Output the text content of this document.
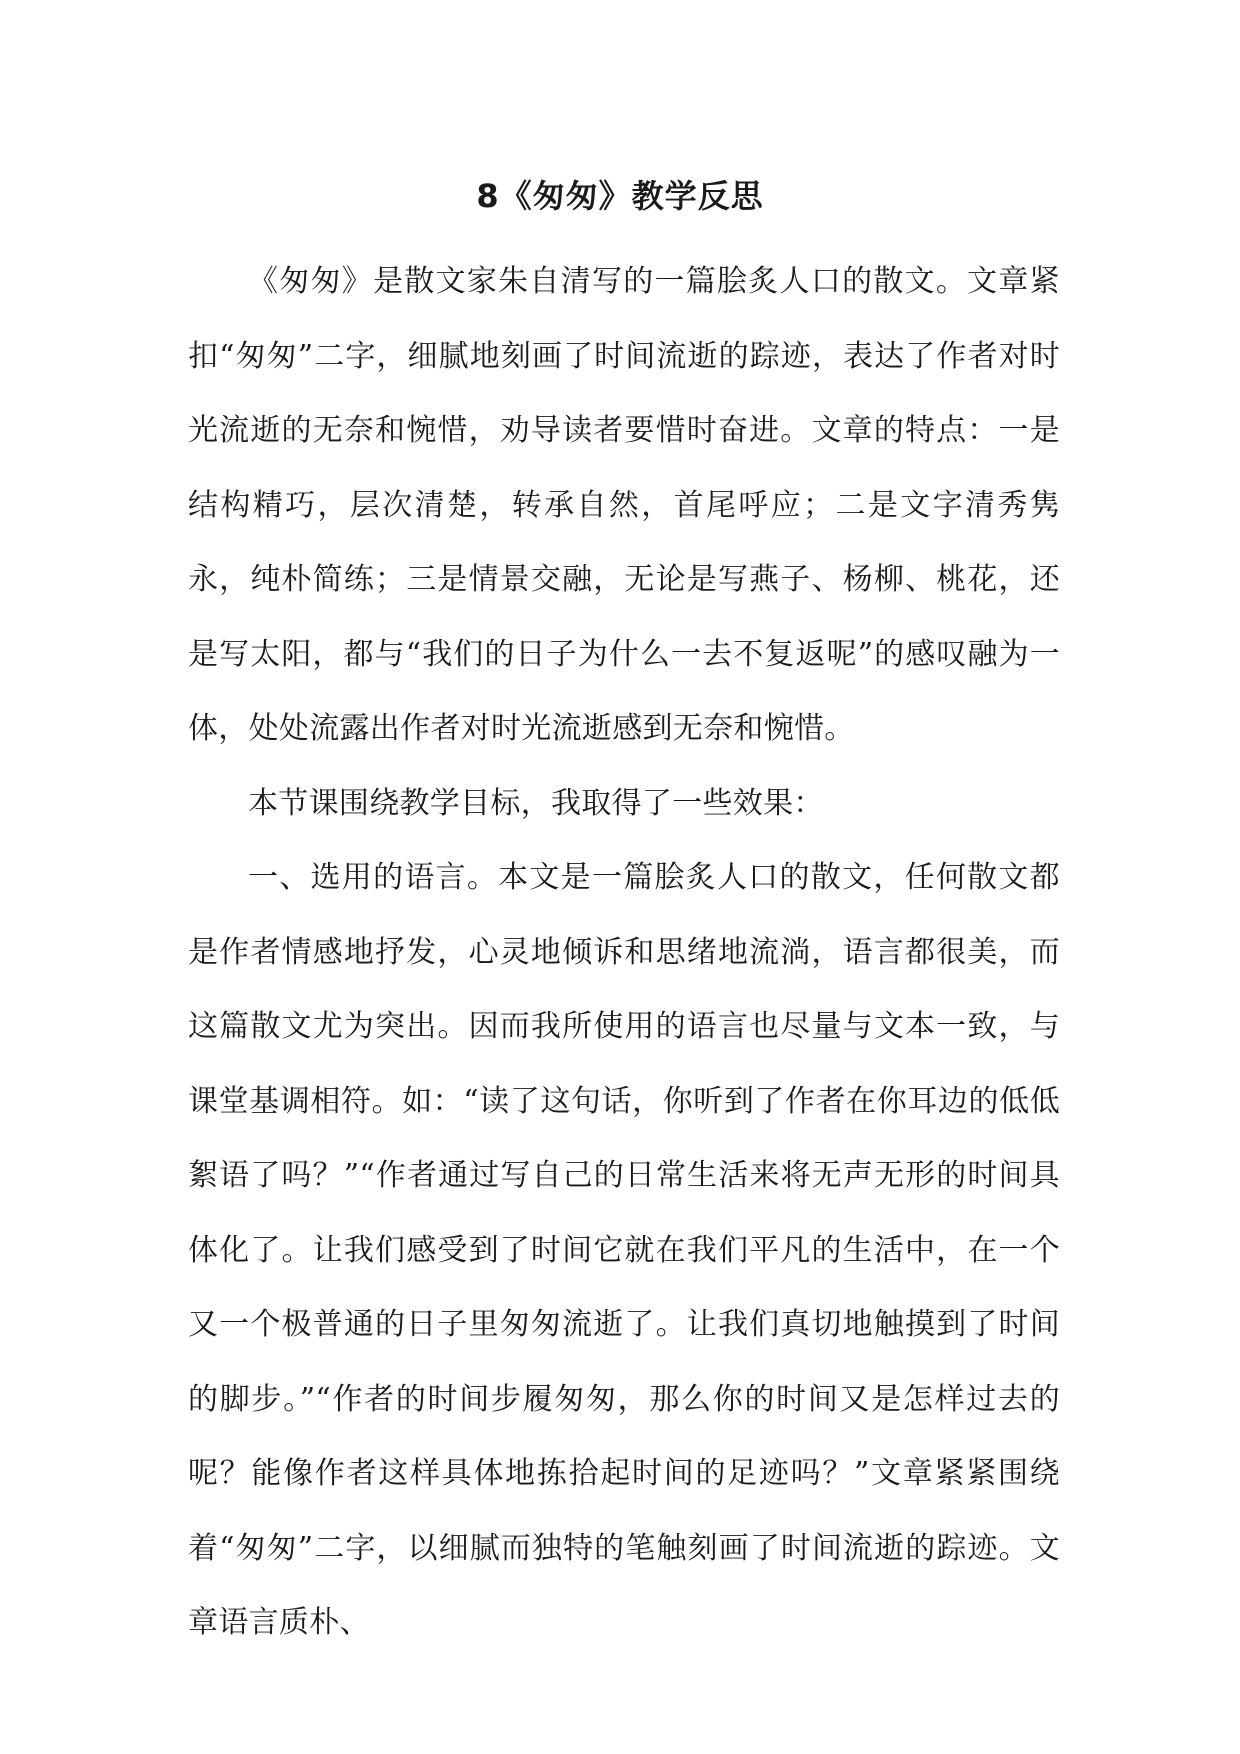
8《匆匆》教学反思

《匆匆》是散文家朱自清写的一篇脍炙人口的散文。文章紧扣“匆匆”二字，细腻地刻画了时间流逝的踪迹，表达了作者对时光流逝的无奈和惋惜，劝导读者要惜时奋进。文章的特点：一是结构精巧，层次清楚，转承自然，首尾呼应；二是文字清秀隽永，纯朴简练；三是情景交融，无论是写燕子、杨柳、桃花，还是写太阳，都与“我们的日子为什么一去不复返呢”的感叹融为一体，处处流露出作者对时光流逝感到无奈和惋惜。

本节课围绕教学目标，我取得了一些效果：

一、选用的语言。本文是一篇脍炙人口的散文，任何散文都是作者情感地抒发，心灵地倾诉和思绪地流淌，语言都很美，而这篇散文尤为突出。因而我所使用的语言也尽量与文本一致，与课堂基调相符。如：“读了这句话，你听到了作者在你耳边的低低絮语了吗？”“作者通过写自己的日常生活来将无声无形的时间具体化了。让我们感受到了时间它就在我们平凡的生活中，在一个又一个极普通的日子里匆匆流逝了。让我们真切地触摸到了时间的脚步。”“作者的时间步履匆匆，那么你的时间又是怎样过去的呢？能像作者这样具体地拣拾起时间的足迹吗？”文章紧紧围绕着“匆匆”二字，以细腻而独特的笔触刻画了时间流逝的踪迹。文章语言质朴、
